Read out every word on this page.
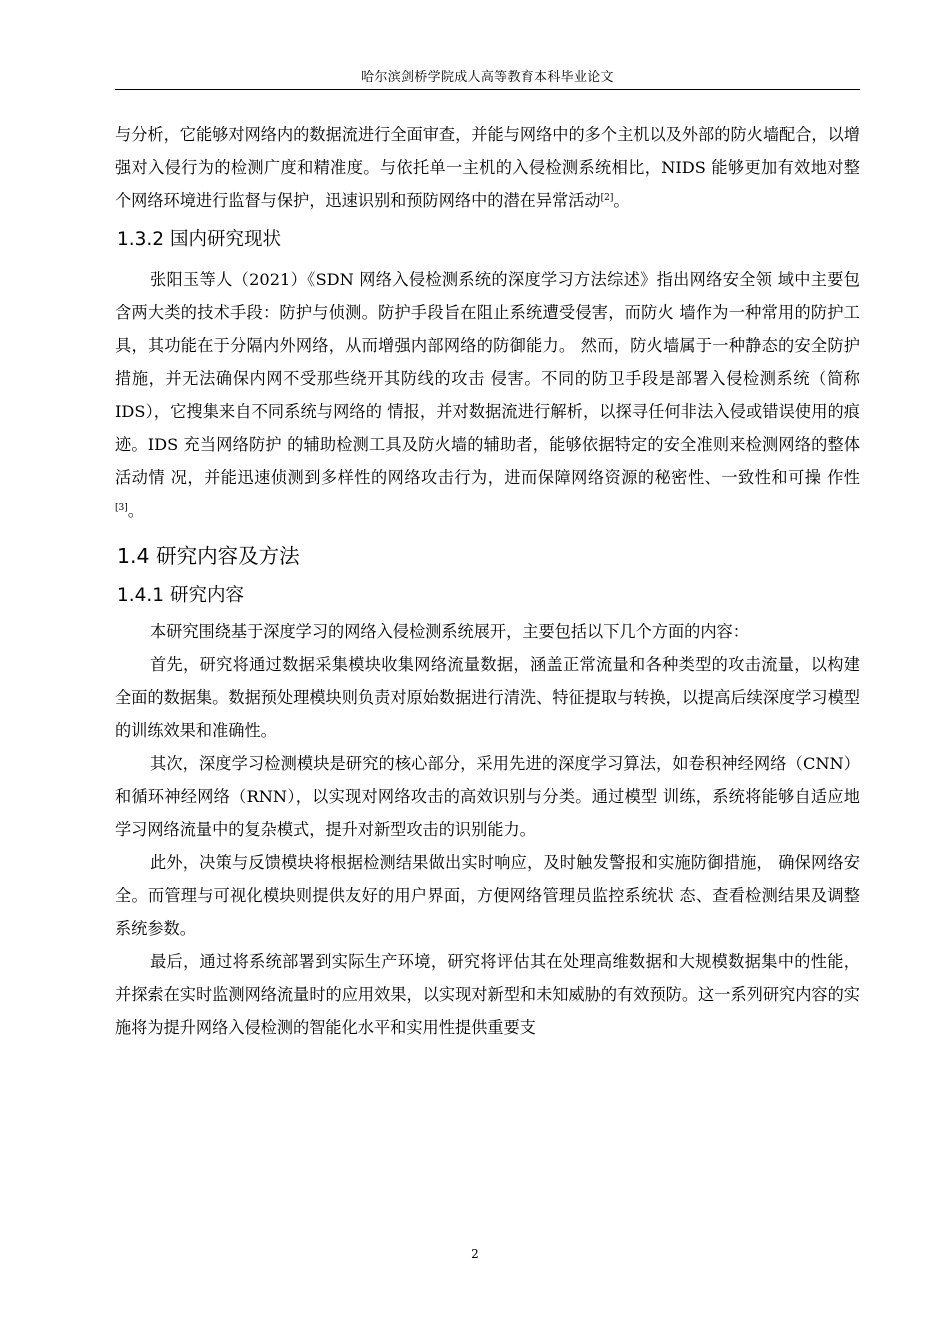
哈尔滨剑桥学院成人高等教育本科毕业论文

与分析，它能够对网络内的数据流进行全面审查，并能与网络中的多个主机以及外部的防火墙配合，以增强对入侵行为的检测广度和精准度。与依托单一主机的入侵检测系统相比，NIDS 能够更加有效地对整个网络环境进行监督与保护，迅速识别和预防网络中的潜在异常活动[2]。

1.3.2 国内研究现状

张阳玉等人（2021）《SDN 网络入侵检测系统的深度学习方法综述》指出网络安全领 域中主要包含两大类的技术手段：防护与侦测。防护手段旨在阻止系统遭受侵害，而防火 墙作为一种常用的防护工具，其功能在于分隔内外网络，从而增强内部网络的防御能力。 然而，防火墙属于一种静态的安全防护措施，并无法确保内网不受那些绕开其防线的攻击 侵害。不同的防卫手段是部署入侵检测系统（简称 IDS），它搜集来自不同系统与网络的 情报，并对数据流进行解析，以探寻任何非法入侵或错误使用的痕迹。IDS 充当网络防护 的辅助检测工具及防火墙的辅助者，能够依据特定的安全准则来检测网络的整体活动情 况，并能迅速侦测到多样性的网络攻击行为，进而保障网络资源的秘密性、一致性和可操 作性[3]。

1.4 研究内容及方法
1.4.1 研究内容

本研究围绕基于深度学习的网络入侵检测系统展开，主要包括以下几个方面的内容：

首先，研究将通过数据采集模块收集网络流量数据，涵盖正常流量和各种类型的攻击流量，以构建全面的数据集。数据预处理模块则负责对原始数据进行清洗、特征提取与转换，以提高后续深度学习模型的训练效果和准确性。

其次，深度学习检测模块是研究的核心部分，采用先进的深度学习算法，如卷积神经网络（CNN）和循环神经网络（RNN），以实现对网络攻击的高效识别与分类。通过模型 训练，系统将能够自适应地学习网络流量中的复杂模式，提升对新型攻击的识别能力。

此外，决策与反馈模块将根据检测结果做出实时响应，及时触发警报和实施防御措施， 确保网络安全。而管理与可视化模块则提供友好的用户界面，方便网络管理员监控系统状 态、查看检测结果及调整系统参数。

最后，通过将系统部署到实际生产环境，研究将评估其在处理高维数据和大规模数据集中的性能，并探索在实时监测网络流量时的应用效果，以实现对新型和未知威胁的有效预防。这一系列研究内容的实施将为提升网络入侵检测的智能化水平和实用性提供重要支

2
